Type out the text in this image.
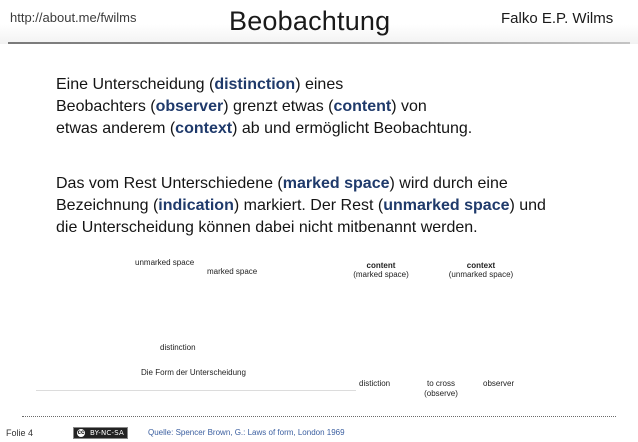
http://about.me/fwilms	Beobachtung	Falko E.P. Wilms
Eine Unterscheidung (distinction) eines
Beobachters (observer) grenzt etwas (content) von
etwas anderem (context) ab und ermöglicht Beobachtung.
Das vom Rest Unterschiedene (marked space) wird durch eine
Bezeichnung (indication) markiert. Der Rest (unmarked space) und
die Unterscheidung können dabei nicht mitbenannt werden.
unmarked space
marked space
distinction
Die Form der Unterscheidung
content
(marked space)
context
(unmarked space)
distiction	to cross
(observe)
observer
Folie 4	cc BY-NC-SA	Quelle: Spencer Brown, G.: Laws of form, London 1969
